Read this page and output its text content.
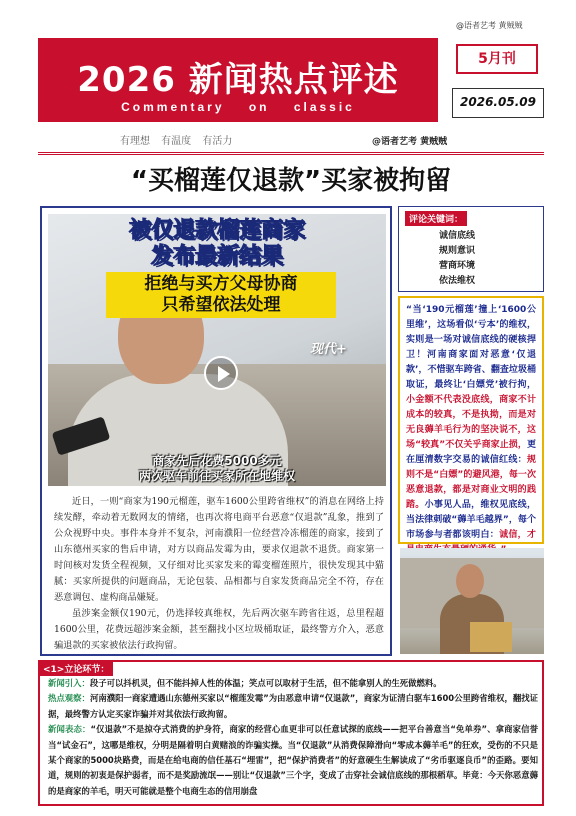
@语者艺考 黄贼贼
2026 新闻热点评述
Commentary on classic
5月刊
2026.05.09
有理想 有温度 有活力	@语者艺考 黄贼贼
“买榴莲仅退款”买家被拘留
被仅退款榴莲商家
发布最新结果
拒绝与买方父母协商
只希望依法处理
现代+
商家先后花费5000多元
两次驱车前往买家所在地维权

近日，一则“商家为190元榴莲，驱车1600公里跨省维权”的消息在网络上持续发酵，牵动着无数网友的情绪，也再次将电商平台恶意“仅退款”乱象，推到了公众视野中央。事件本身并不复杂，河南濮阳一位经营冷冻榴莲的商家，接到了山东德州买家的售后申请，对方以商品发霉为由，要求仅退款不退货。商家第一时间核对发货全程视频，又仔细对比买家发来的霉变榴莲照片，很快发现其中猫腻：买家所提供的问题商品，无论包装、品相都与自家发货商品完全不符，存在恶意调包、虚构商品嫌疑。

虽涉案金额仅190元，仍选择较真维权，先后两次驱车跨省往返，总里程超1600公里，花费远超涉案金额，甚至翻找小区垃圾桶取证，最终警方介入，恶意骗退款的买家被依法行政拘留。

评论关键词：
诚信底线
规则意识
营商环境
依法维权
“当‘190元榴莲’撞上‘1600公里维’，这场看似‘亏本’的维权，实则是一场对诚信底线的硬核捍卫！河南商家面对恶意‘仅退款’，不惜驱车跨省、翻查垃圾桶取证，最终让‘白嫖党’被行拘，小金额不代表没底线，商家不计成本的较真，不是执拗，而是对无良薅羊毛行为的坚决说不，这场“较真”不仅关乎商家止损，更在厘清数字交易的诚信红线：规则不是“白嫖”的避风港，每一次恶意退款，都是对商业文明的践踏。小事见人品，维权见底线，当法律刺破“薅羊毛越界”，每个市场参与者都该明白：诚信，才
<1>立论环节：
新闻引入：段子可以抖机灵，但不能抖掉人性的体温；笑点可以取材于生活，但不能拿别人的生死做燃料。
热点观察：河南濮阳一商家遭遇山东德州买家以“榴莲发霉”为由恶意申请“仅退款”，商家为证清白驱车1600公里跨省维权，翻找证据，最终警方认定买家诈骗并对其依法行政拘留。
新闻表态：“仅退款”不是掠夺式消费的护身符，商家的经营心血更非可以任意试探的底线——把平台善意当“免单券”、拿商家信誉当“试金石”，这哪是维权，分明是隔着明白黄赌浪的诈骗实操。当“仅退款”从消费保障滑向“零成本薅羊毛”的狂欢，受伤的不只是某个商家的5000块路费，而是在给电商的信任基石“埋雷”，把“保护消费者”的好意硬生生解读成了“劣币驱逐良币”的歪路。要知道，规则的初衷是保护弱者，而不是奖励流氓——别让“仅退款”三个字，变成了击穿社会诚信底线的那根稻草。毕竟：今天你恶意薅的是商家的羊毛，明天可能就是整个电商生态的信用崩盘
